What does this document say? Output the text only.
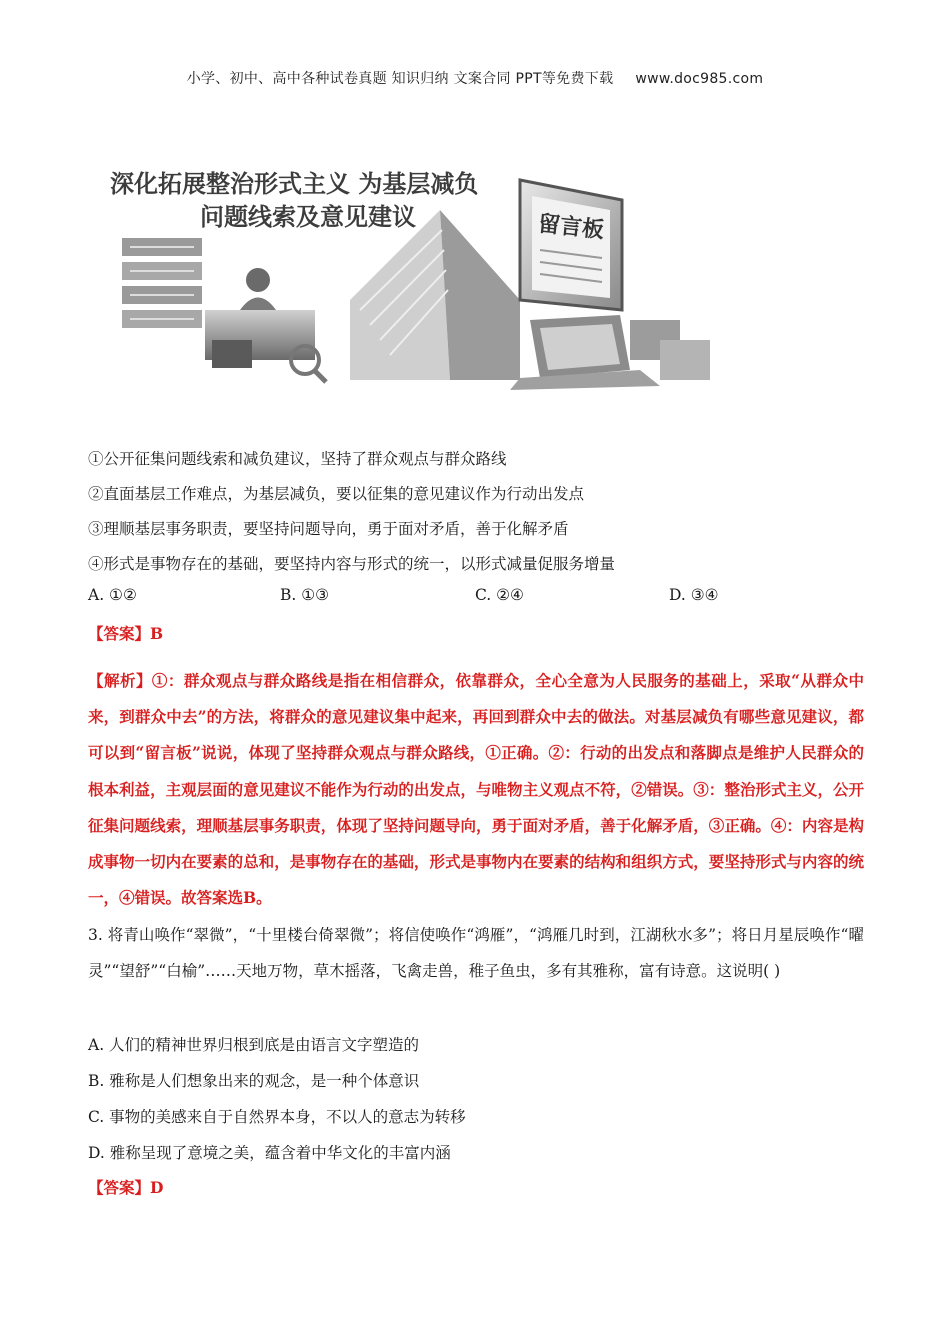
小学、初中、高中各种试卷真题 知识归纳 文案合同 PPT等免费下载 www.doc985.com
留言板
深化拓展整治形式主义 为基层减负
问题线索及意见建议
①公开征集问题线索和减负建议，坚持了群众观点与群众路线
②直面基层工作难点，为基层减负，要以征集的意见建议作为行动出发点
③理顺基层事务职责，要坚持问题导向，勇于面对矛盾，善于化解矛盾
④形式是事物存在的基础，要坚持内容与形式的统一，以形式减量促服务增量
A. ①②	B. ①③	C. ②④	D. ③④
【答案】B
【解析】①：群众观点与群众路线是指在相信群众，依靠群众，全心全意为人民服务的基础上，采取“从群众中来，到群众中去”的方法，将群众的意见建议集中起来，再回到群众中去的做法。对基层减负有哪些意见建议，都可以到“留言板”说说，体现了坚持群众观点与群众路线，①正确。②：行动的出发点和落脚点是维护人民群众的根本利益，主观层面的意见建议不能作为行动的出发点，与唯物主义观点不符，②错误。③：整治形式主义，公开征集问题线索，理顺基层事务职责，体现了坚持问题导向，勇于面对矛盾，善于化解矛盾，③正确。④：内容是构成事物一切内在要素的总和，是事物存在的基础，形式是事物内在要素的结构和组织方式，要坚持形式与内容的统一，④错误。故答案选B。
3. 将青山唤作“翠微”，“十里楼台倚翠微”；将信使唤作“鸿雁”，“鸿雁几时到，江湖秋水多”；将日月星辰唤作“曜灵”“望舒”“白榆”……天地万物，草木摇落，飞禽走兽，稚子鱼虫，多有其雅称，富有诗意。这说明( )
A. 人们的精神世界归根到底是由语言文字塑造的
B. 雅称是人们想象出来的观念，是一种个体意识
C. 事物的美感来自于自然界本身，不以人的意志为转移
D. 雅称呈现了意境之美，蕴含着中华文化的丰富内涵
【答案】D
